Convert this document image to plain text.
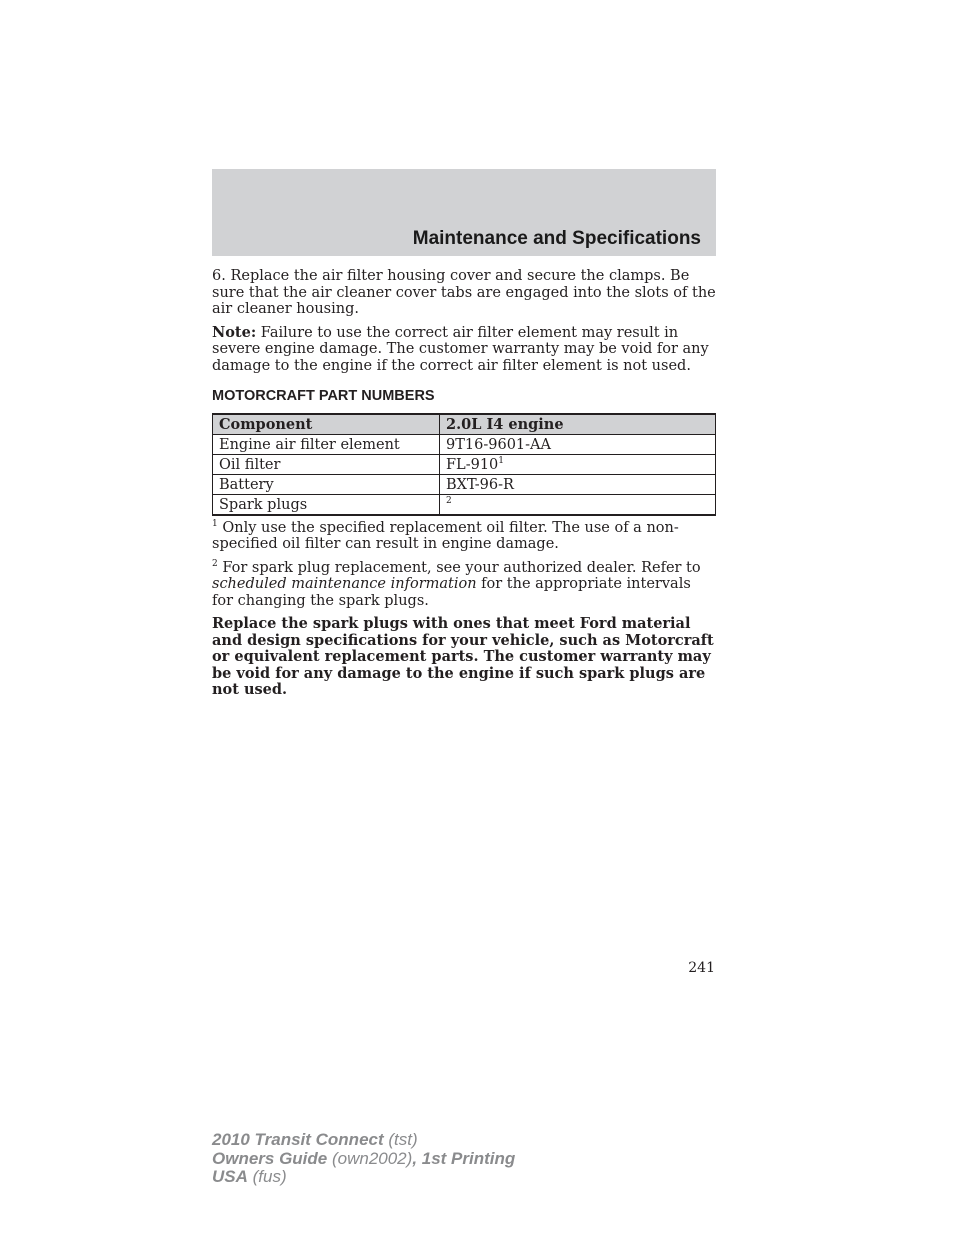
Maintenance and Specifications

6. Replace the air filter housing cover and secure the clamps. Be sure that the air cleaner cover tabs are engaged into the slots of the air cleaner housing.

Note: Failure to use the correct air filter element may result in severe engine damage. The customer warranty may be void for any damage to the engine if the correct air filter element is not used.

MOTORCRAFT PART NUMBERS
Component	2.0L I4 engine
Engine air filter element	9T16-9601-AA
Oil filter	$FL-910^1$
Battery	BXT-96-R
Spark plugs	$^2$

$^1$ Only use the specified replacement oil filter. The use of a non-specified oil filter can result in engine damage.

$^2$ For spark plug replacement, see your authorized dealer. Refer to scheduled maintenance information for the appropriate intervals for changing the spark plugs.

Replace the spark plugs with ones that meet Ford material and design specifications for your vehicle, such as Motorcraft or equivalent replacement parts. The customer warranty may be void for any damage to the engine if such spark plugs are not used.

241
2010 Transit Connect (tst)
Owners Guide (own2002), 1st Printing
USA (fus)
